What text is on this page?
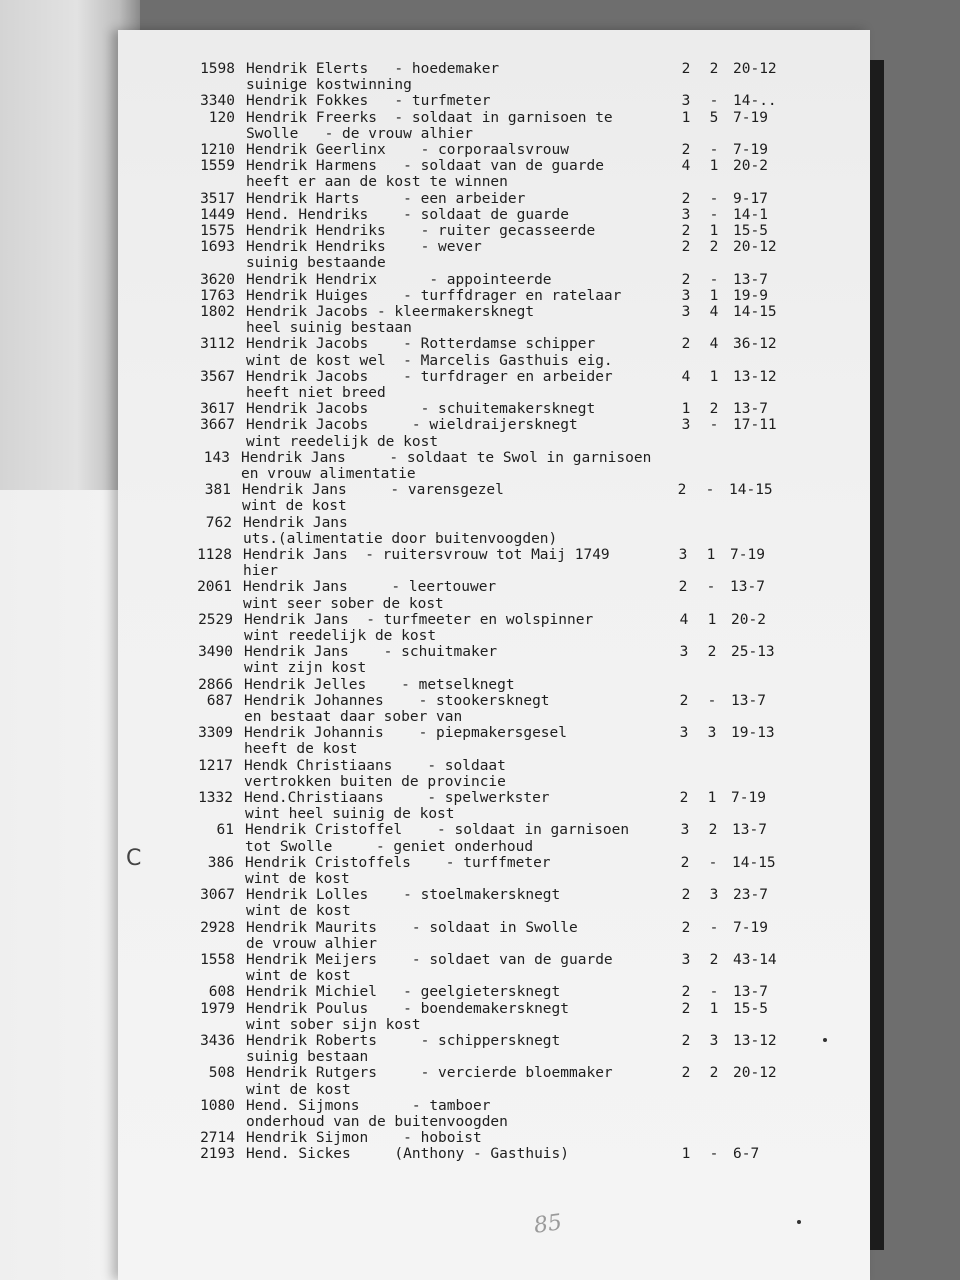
1598 Hendrik Elerts   - hoedemaker	2	2	20-12
suinige kostwinning
3340 Hendrik Fokkes   - turfmeter	3	-	14-..
120 Hendrik Freerks  - soldaat in garnisoen te	1	5	7-19
Swolle   - de vrouw alhier
1210 Hendrik Geerlinx    - corporaalsvrouw	2	-	7-19
1559 Hendrik Harmens   - soldaat van de guarde	4	1	20-2
heeft er aan de kost te winnen
3517 Hendrik Harts     - een arbeider	2	-	9-17
1449 Hend. Hendriks    - soldaat de guarde	3	-	14-1
1575 Hendrik Hendriks    - ruiter gecasseerde	2	1	15-5
1693 Hendrik Hendriks    - wever	2	2	20-12
suinig bestaande
3620 Hendrik Hendrix      - appointeerde	2	-	13-7
1763 Hendrik Huiges    - turffdrager en ratelaar	3	1	19-9
1802 Hendrik Jacobs - kleermakersknegt	3	4	14-15
heel suinig bestaan
3112 Hendrik Jacobs    - Rotterdamse schipper	2	4	36-12
wint de kost wel  - Marcelis Gasthuis eig.
3567 Hendrik Jacobs    - turfdrager en arbeider	4	1	13-12
heeft niet breed
3617 Hendrik Jacobs      - schuitemakersknegt	1	2	13-7
3667 Hendrik Jacobs     - wieldraijersknegt	3	-	17-11
wint reedelijk de kost
143 Hendrik Jans     - soldaat te Swol in garnisoen
en vrouw alimentatie
381 Hendrik Jans     - varensgezel	2	-	14-15
wint de kost
762 Hendrik Jans
uts.(alimentatie door buitenvoogden)
1128 Hendrik Jans  - ruitersvrouw tot Maij 1749	3	1	7-19
hier
2061 Hendrik Jans     - leertouwer	2	-	13-7
wint seer sober de kost
2529 Hendrik Jans  - turfmeeter en wolspinner	4	1	20-2
wint reedelijk de kost
3490 Hendrik Jans    - schuitmaker	3	2	25-13
wint zijn kost
2866 Hendrik Jelles    - metselknegt
687 Hendrik Johannes    - stookersknegt	2	-	13-7
en bestaat daar sober van
3309 Hendrik Johannis    - piepmakersgesel	3	3	19-13
heeft de kost
1217 Hendk Christiaans    - soldaat
vertrokken buiten de provincie
1332 Hend.Christiaans     - spelwerkster	2	1	7-19
wint heel suinig de kost
61 Hendrik Cristoffel    - soldaat in garnisoen	3	2	13-7
tot Swolle     - geniet onderhoud
386 Hendrik Cristoffels    - turffmeter	2	-	14-15
wint de kost
3067 Hendrik Lolles    - stoelmakersknegt	2	3	23-7
wint de kost
2928 Hendrik Maurits    - soldaat in Swolle	2	-	7-19
de vrouw alhier
1558 Hendrik Meijers    - soldaet van de guarde	3	2	43-14
wint de kost
608 Hendrik Michiel   - geelgietersknegt	2	-	13-7
1979 Hendrik Poulus    - boendemakersknegt	2	1	15-5
wint sober sijn kost
3436 Hendrik Roberts     - schippersknegt	2	3	13-12
suinig bestaan
508 Hendrik Rutgers     - vercierde bloemmaker	2	2	20-12
wint de kost
1080 Hend. Sijmons      - tamboer
onderhoud van de buitenvoogden
2714 Hendrik Sijmon    - hoboist
2193 Hend. Sickes     (Anthony - Gasthuis)	1	-	6-7
C
85
